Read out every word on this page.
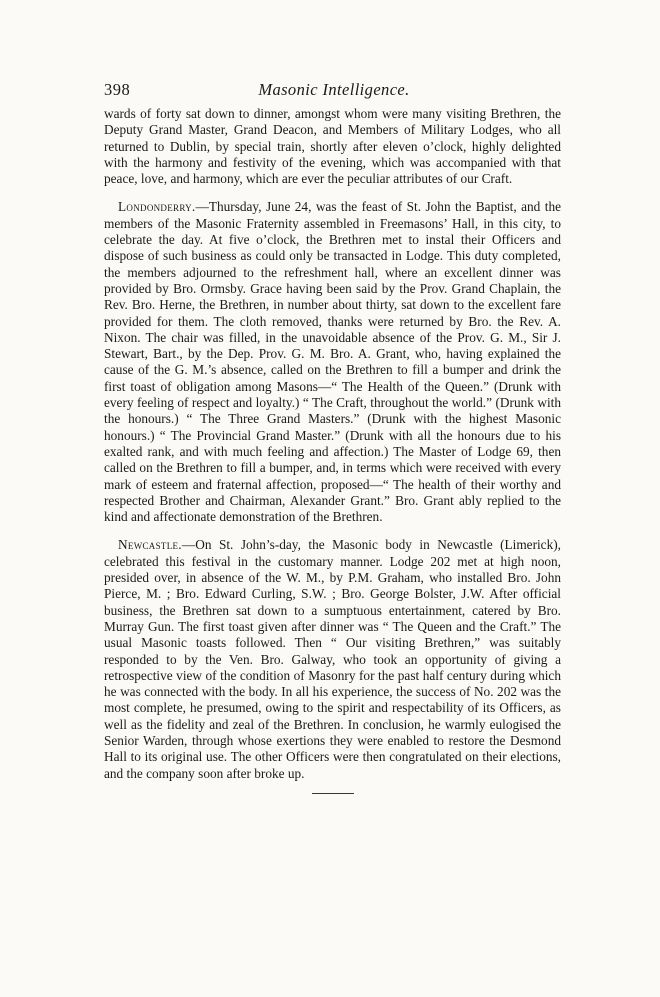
398	Masonic Intelligence.

wards of forty sat down to dinner, amongst whom were many visiting Brethren, the Deputy Grand Master, Grand Deacon, and Members of Military Lodges, who all returned to Dublin, by special train, shortly after eleven o’clock, highly delighted with the harmony and festivity of the evening, which was accompanied with that peace, love, and harmony, which are ever the peculiar attributes of our Craft.

Londonderry.—Thursday, June 24, was the feast of St. John the Baptist, and the members of the Masonic Fraternity assembled in Freemasons’ Hall, in this city, to celebrate the day. At five o’clock, the Brethren met to instal their Officers and dispose of such business as could only be transacted in Lodge. This duty completed, the members adjourned to the refreshment hall, where an excellent dinner was provided by Bro. Ormsby. Grace having been said by the Prov. Grand Chaplain, the Rev. Bro. Herne, the Brethren, in number about thirty, sat down to the excellent fare provided for them. The cloth removed, thanks were returned by Bro. the Rev. A. Nixon. The chair was filled, in the unavoidable absence of the Prov. G. M., Sir J. Stewart, Bart., by the Dep. Prov. G. M. Bro. A. Grant, who, having explained the cause of the G. M.’s absence, called on the Brethren to fill a bumper and drink the first toast of obligation among Masons—“ The Health of the Queen.” (Drunk with every feeling of respect and loyalty.) “ The Craft, throughout the world.” (Drunk with the honours.) “ The Three Grand Masters.” (Drunk with the highest Masonic honours.) “ The Provincial Grand Master.” (Drunk with all the honours due to his exalted rank, and with much feeling and affection.) The Master of Lodge 69, then called on the Brethren to fill a bumper, and, in terms which were received with every mark of esteem and fraternal affection, proposed—“ The health of their worthy and respected Brother and Chairman, Alexander Grant.” Bro. Grant ably replied to the kind and affectionate demonstration of the Brethren.

Newcastle.—On St. John’s-day, the Masonic body in Newcastle (Limerick), celebrated this festival in the customary manner. Lodge 202 met at high noon, presided over, in absence of the W. M., by P.M. Graham, who installed Bro. John Pierce, M. ; Bro. Edward Curling, S.W. ; Bro. George Bolster, J.W. After official business, the Brethren sat down to a sumptuous entertainment, catered by Bro. Murray Gun. The first toast given after dinner was “ The Queen and the Craft.” The usual Masonic toasts followed. Then “ Our visiting Brethren,” was suitably responded to by the Ven. Bro. Galway, who took an opportunity of giving a retrospective view of the condition of Masonry for the past half century during which he was connected with the body. In all his experience, the success of No. 202 was the most complete, he presumed, owing to the spirit and respectability of its Officers, as well as the fidelity and zeal of the Brethren. In conclusion, he warmly eulogised the Senior Warden, through whose exertions they were enabled to restore the Desmond Hall to its original use. The other Officers were then congratulated on their elections, and the company soon after broke up.
